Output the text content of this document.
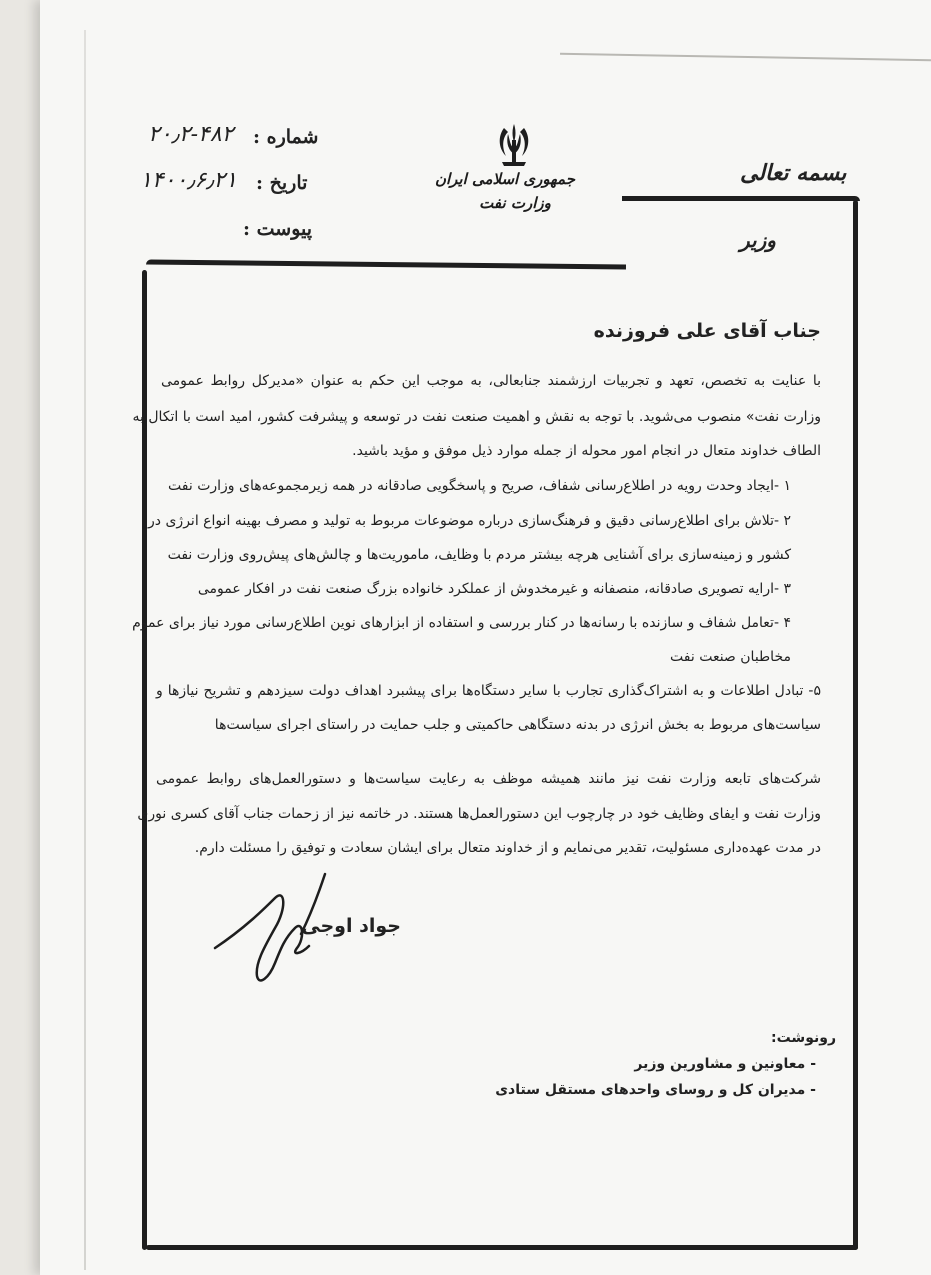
شماره :
۲۰٫۲-۴۸۲
تاریخ :
۱۴۰۰٫۶٫۲۱
پیوست :
جمهوری اسلامی ایران
وزارت نفت
بسمه تعالی
وزیر
جناب آقای علی فروزنده
با عنایت به تخصص، تعهد و تجربیات ارزشمند جنابعالی، به موجب این حکم به عنوان «مدیرکل روابط عمومی
وزارت نفت» منصوب می‌شوید. با توجه به نقش و اهمیت صنعت نفت در توسعه و پیشرفت کشور، امید است با اتکال به
الطاف خداوند متعال در انجام امور محوله از جمله موارد ذیل موفق و مؤید باشید.
۱ -ایجاد وحدت رویه در اطلاع‌رسانی شفاف، صریح و پاسخگویی صادقانه در همه زیرمجموعه‌های وزارت نفت
۲ -تلاش برای اطلاع‌رسانی دقیق و فرهنگ‌سازی درباره موضوعات مربوط به تولید و مصرف بهینه انواع انرژی در
کشور و زمینه‌سازی برای آشنایی هرچه بیشتر مردم با وظایف، ماموریت‌ها و چالش‌های پیش‌روی وزارت نفت
۳ -ارایه تصویری صادقانه، منصفانه و غیرمخدوش از عملکرد خانواده بزرگ صنعت نفت در افکار عمومی
۴ -تعامل شفاف و سازنده با رسانه‌ها در کنار بررسی و استفاده از ابزارهای نوین اطلاع‌رسانی مورد نیاز برای عموم
مخاطبان صنعت نفت
۵- تبادل اطلاعات و به اشتراک‌گذاری تجارب با سایر دستگاه‌ها برای پیشبرد اهداف دولت سیزدهم و تشریح نیازها و
سیاست‌های مربوط به بخش انرژی در بدنه دستگاهی حاکمیتی و جلب حمایت در راستای اجرای سیاست‌ها
شرکت‌های تابعه وزارت نفت نیز مانند همیشه موظف به رعایت سیاست‌ها و دستورالعمل‌های روابط عمومی
وزارت نفت و ایفای وظایف خود در چارچوب این دستورالعمل‌ها هستند. در خاتمه نیز از زحمات جناب آقای کسری نوری
در مدت عهده‌داری مسئولیت، تقدیر می‌نمایم و از خداوند متعال برای ایشان سعادت و توفیق را مسئلت دارم.
جواد اوجی
رونوشت:
- معاونین و مشاورین وزیر
- مدیران کل و روسای واحدهای مستقل ستادی
